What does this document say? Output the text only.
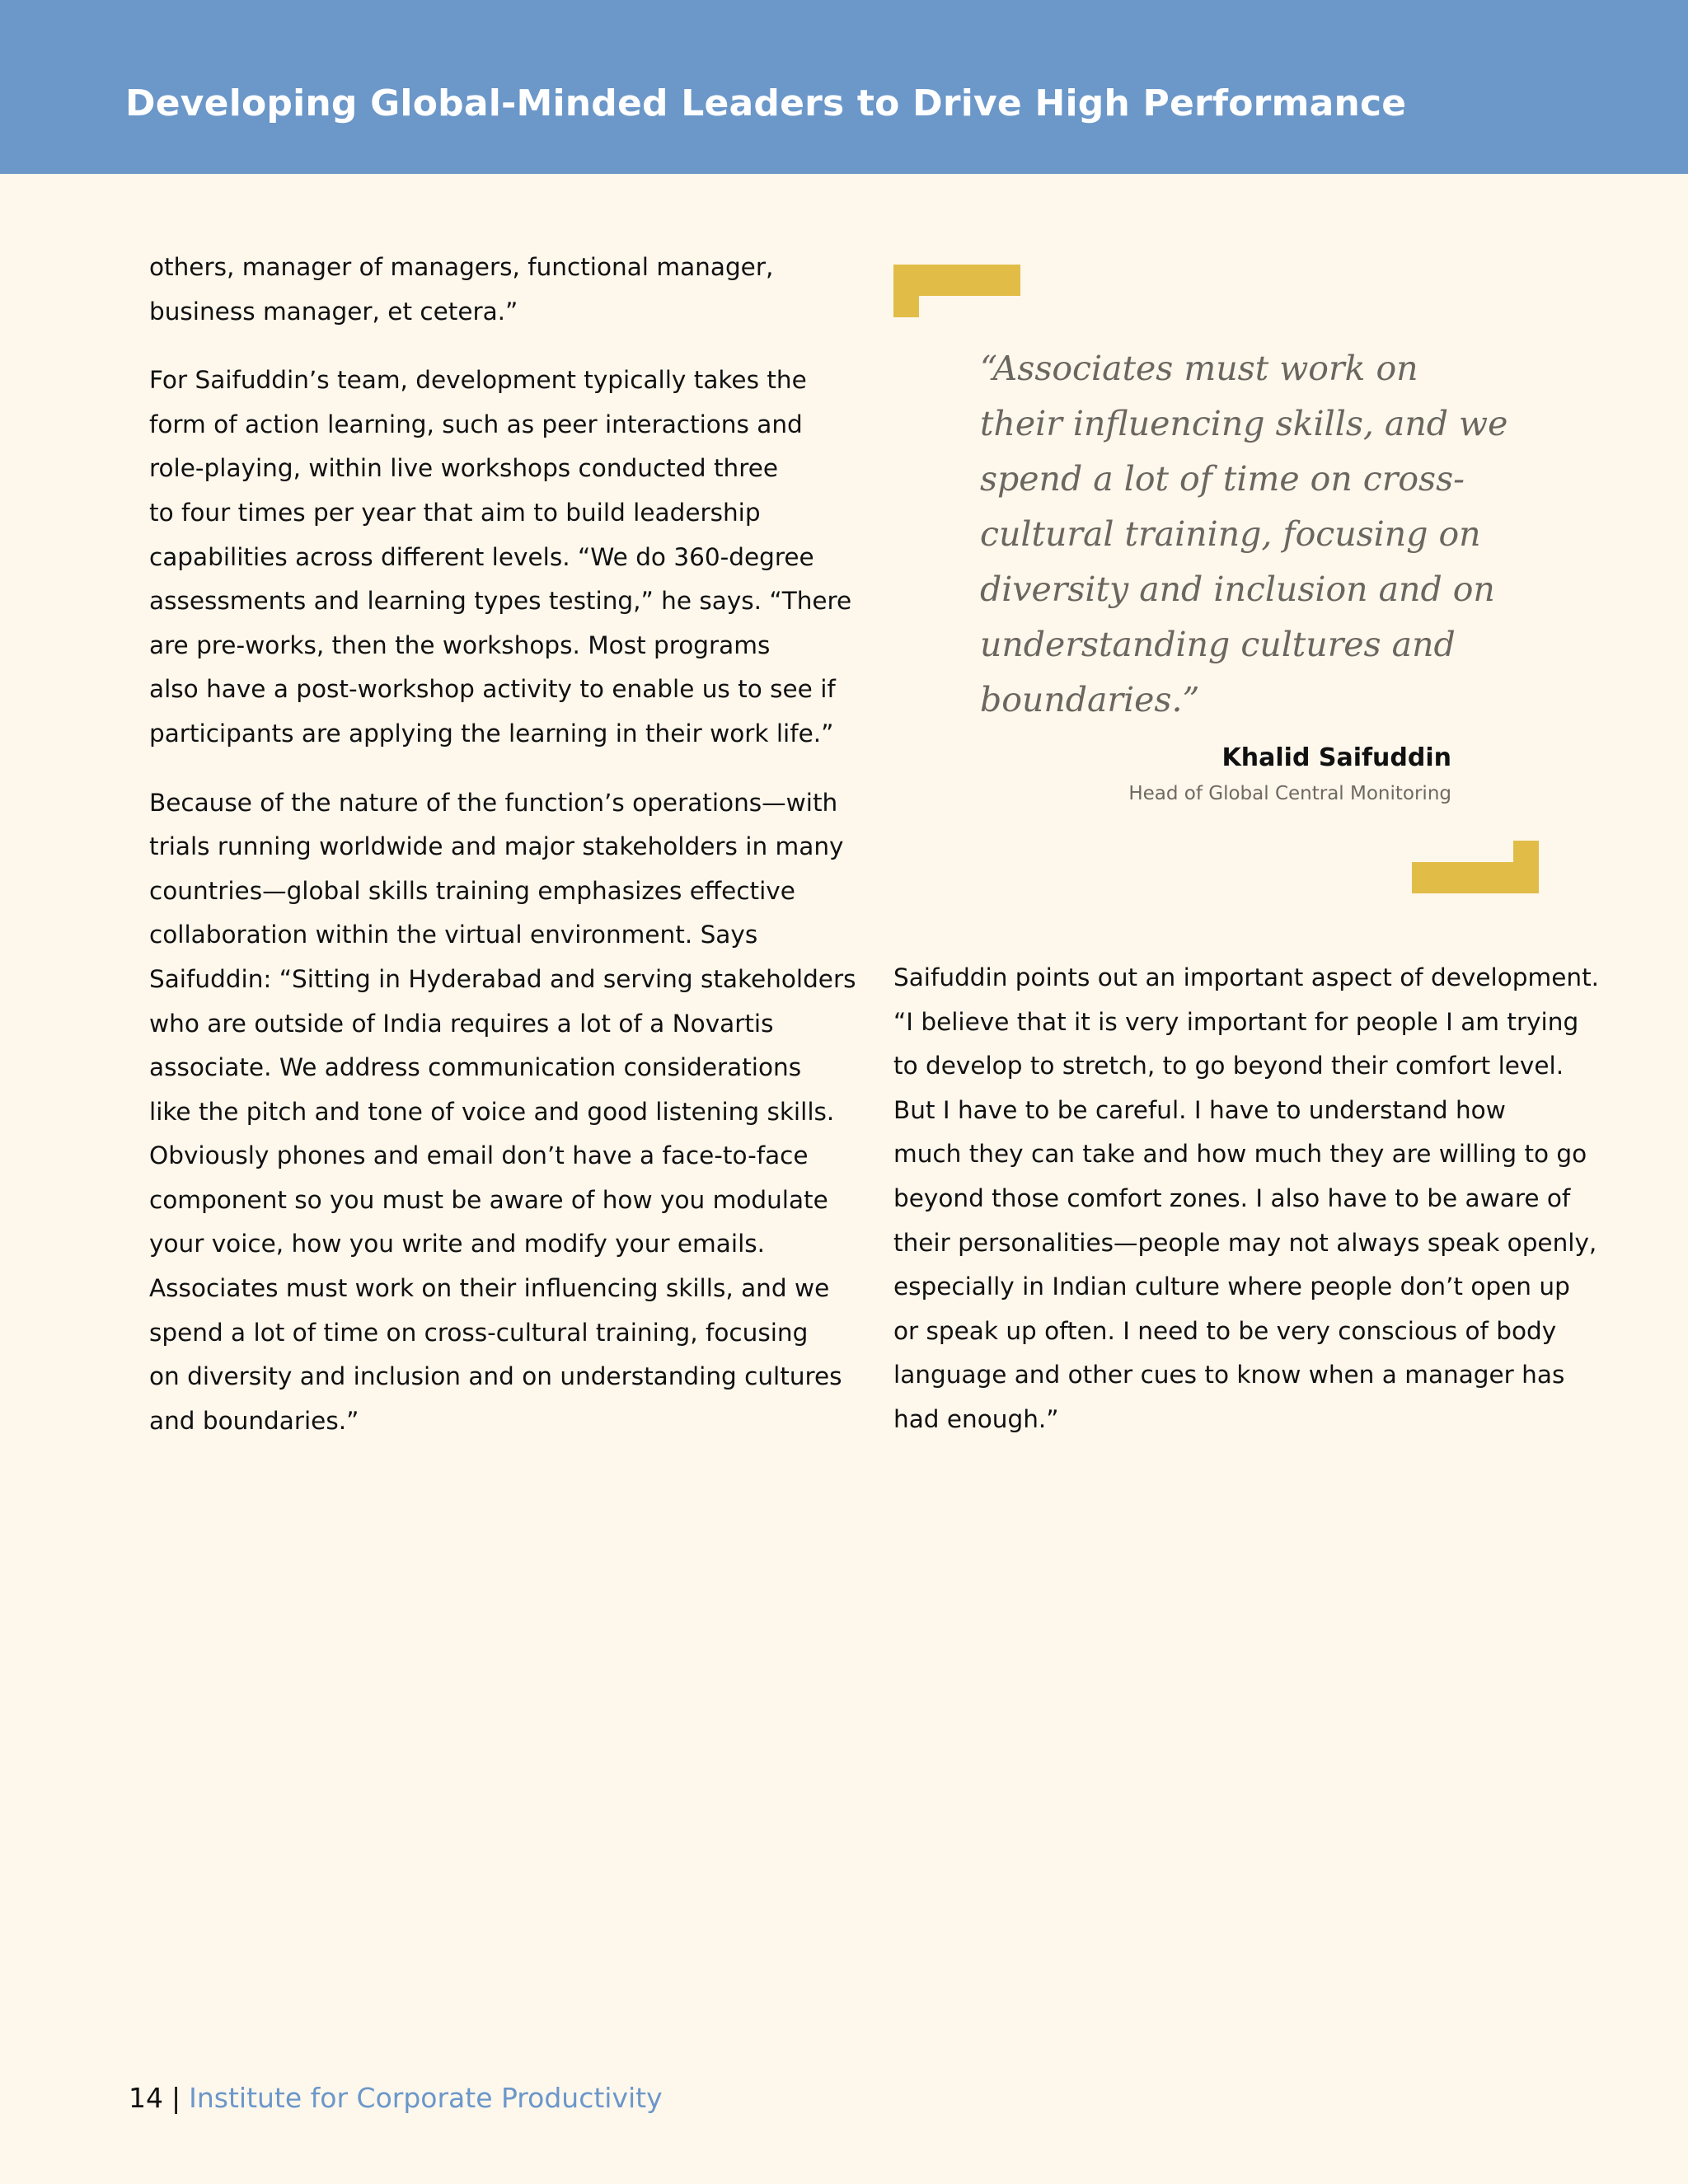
Developing Global-Minded Leaders to Drive High Performance

others, manager of managers, functional manager,
business manager, et cetera.”

For Saifuddin’s team, development typically takes the
form of action learning, such as peer interactions and
role-playing, within live workshops conducted three
to four times per year that aim to build leadership
capabilities across different levels. “We do 360-degree
assessments and learning types testing,” he says. “There
are pre-works, then the workshops. Most programs
also have a post-workshop activity to enable us to see if
participants are applying the learning in their work life.”

Because of the nature of the function’s operations—with
trials running worldwide and major stakeholders in many
countries—global skills training emphasizes effective
collaboration within the virtual environment. Says
Saifuddin: “Sitting in Hyderabad and serving stakeholders
who are outside of India requires a lot of a Novartis
associate. We address communication considerations
like the pitch and tone of voice and good listening skills.
Obviously phones and email don’t have a face-to-face
component so you must be aware of how you modulate
your voice, how you write and modify your emails.
Associates must work on their influencing skills, and we
spend a lot of time on cross-cultural training, focusing
on diversity and inclusion and on understanding cultures
and boundaries.”

“Associates must work on
their influencing skills, and we
spend a lot of time on cross-
cultural training, focusing on
diversity and inclusion and on
understanding cultures and
boundaries.”
Khalid Saifuddin
Head of Global Central Monitoring

Saifuddin points out an important aspect of development.
“I believe that it is very important for people I am trying
to develop to stretch, to go beyond their comfort level.
But I have to be careful. I have to understand how
much they can take and how much they are willing to go
beyond those comfort zones. I also have to be aware of
their personalities—people may not always speak openly,
especially in Indian culture where people don’t open up
or speak up often. I need to be very conscious of body
language and other cues to know when a manager has
had enough.”

14 | Institute for Corporate Productivity
